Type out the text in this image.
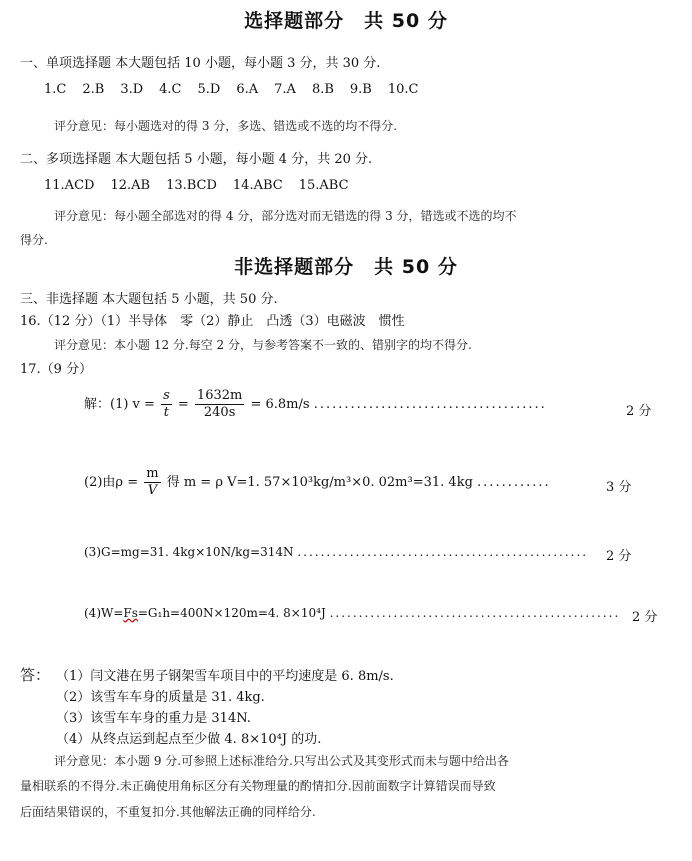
选择题部分　共 50 分
一、单项选择题 本大题包括 10 小题，每小题 3 分，共 30 分.
1.C 2.B 3.D 4.C 5.D 6.A 7.A 8.B 9.B 10.C
评分意见：每小题选对的得 3 分，多选、错选或不选的均不得分.
二、多项选择题 本大题包括 5 小题，每小题 4 分，共 20 分.
11.ACD 12.AB 13.BCD 14.ABC 15.ABC
评分意见：每小题全部选对的得 4 分，部分选对而无错选的得 3 分，错选或不选的均不
得分.
非选择题部分　共 50 分
三、非选择题 本大题包括 5 小题，共 50 分.
16.（12 分）（1）半导体　零（2）静止　凸透（3）电磁波　惯性
评分意见：本小题 12 分.每空 2 分，与参考答案不一致的、错别字的均不得分.
17.（9 分）
解：(1) $v = \frac{s}{t} = \frac{1632m}{240s} = 6.8m/s$ ......................................	2 分
(2)由$\rho = \frac{m}{V}$ 得 m = ρ V=1. 57×10³kg/m³×0. 02m³=31. 4kg ............	3 分
(3)G=mg=31. 4kg×10N/kg=314N .................................................. 2 分
(4)W=Fs=G₁h=400N×120m=4. 8×10⁴J .................................................. 2 分
答： （1）闫文港在男子钢架雪车项目中的平均速度是 6. 8m/s.
（2）该雪车车身的质量是 31. 4kg.
（3）该雪车车身的重力是 314N.
（4）从终点运到起点至少做 4. 8×10⁴J 的功.
评分意见：本小题 9 分.可参照上述标准给分.只写出公式及其变形式而未与题中给出各
量相联系的不得分.未正确使用角标区分有关物理量的酌情扣分.因前面数字计算错误而导致
后面结果错误的，不重复扣分.其他解法正确的同样给分.
